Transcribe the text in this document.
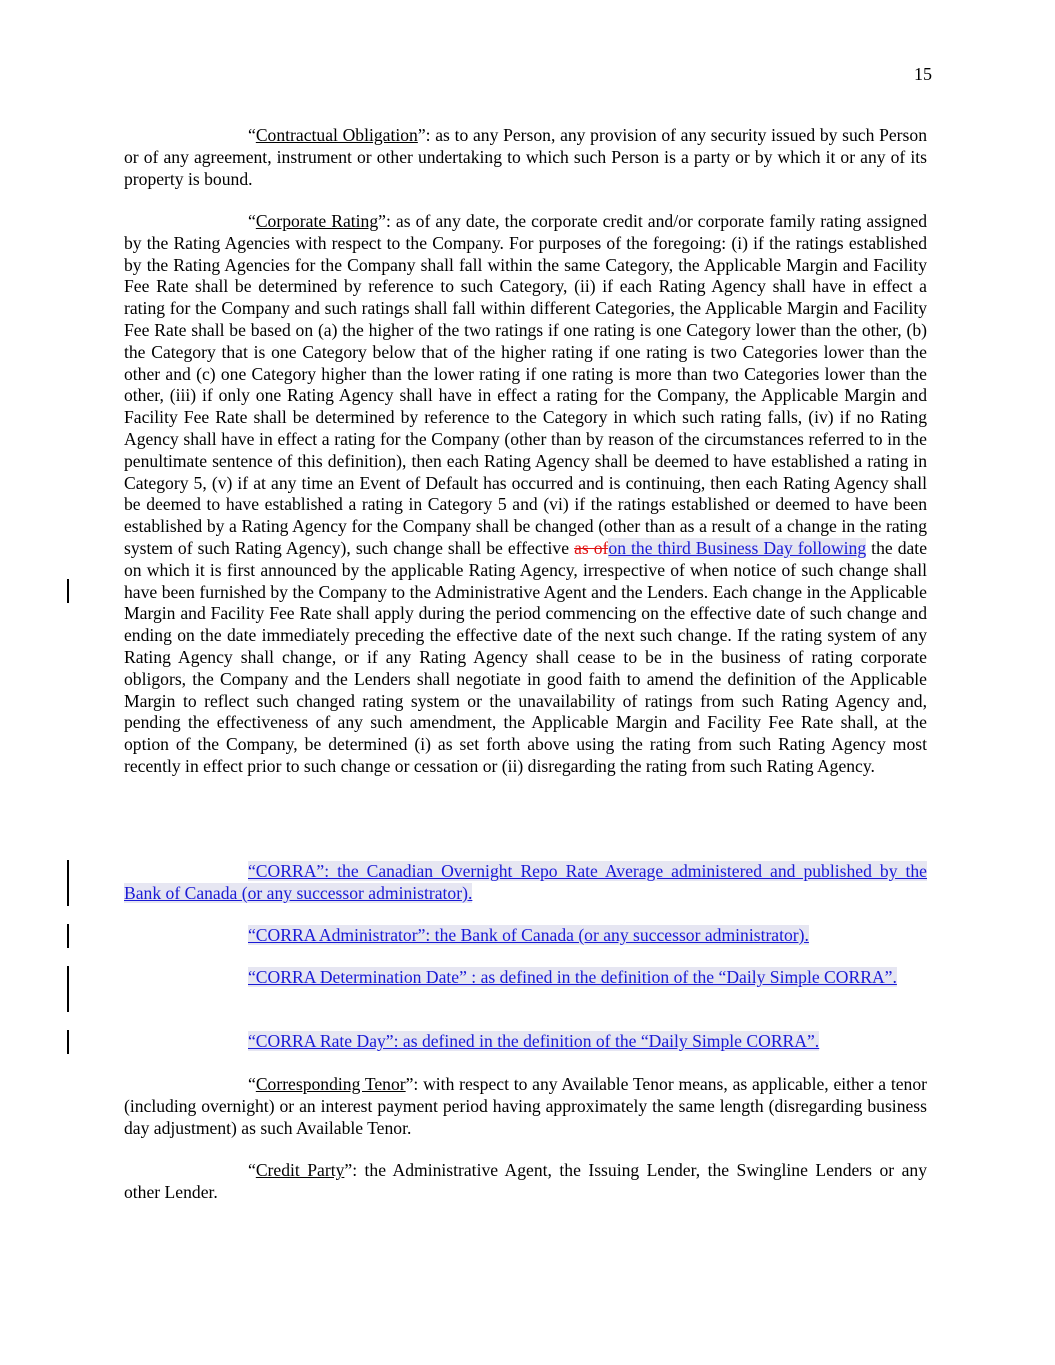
15

“Contractual Obligation”: as to any Person, any provision of any security issued by such Person or of any agreement, instrument or other undertaking to which such Person is a party or by which it or any of its property is bound.

“Corporate Rating”: as of any date, the corporate credit and/or corporate family rating assigned by the Rating Agencies with respect to the Company. For purposes of the foregoing: (i) if the ratings established by the Rating Agencies for the Company shall fall within the same Category, the Applicable Margin and Facility Fee Rate shall be determined by reference to such Category, (ii) if each Rating Agency shall have in effect a rating for the Company and such ratings shall fall within different Categories, the Applicable Margin and Facility Fee Rate shall be based on (a) the higher of the two ratings if one rating is one Category lower than the other, (b) the Category that is one Category below that of the higher rating if one rating is two Categories lower than the other and (c) one Category higher than the lower rating if one rating is more than two Categories lower than the other, (iii) if only one Rating Agency shall have in effect a rating for the Company, the Applicable Margin and Facility Fee Rate shall be determined by reference to the Category in which such rating falls, (iv) if no Rating Agency shall have in effect a rating for the Company (other than by reason of the circumstances referred to in the penultimate sentence of this definition), then each Rating Agency shall be deemed to have established a rating in Category 5, (v) if at any time an Event of Default has occurred and is continuing, then each Rating Agency shall be deemed to have established a rating in Category 5 and (vi) if the ratings established or deemed to have been established by a Rating Agency for the Company shall be changed (other than as a result of a change in the rating system of such Rating Agency), such change shall be effective as ofon the third Business Day following the date on which it is first announced by the applicable Rating Agency, irrespective of when notice of such change shall have been furnished by the Company to the Administrative Agent and the Lenders. Each change in the Applicable Margin and Facility Fee Rate shall apply during the period commencing on the effective date of such change and ending on the date immediately preceding the effective date of the next such change. If the rating system of any Rating Agency shall change, or if any Rating Agency shall cease to be in the business of rating corporate obligors, the Company and the Lenders shall negotiate in good faith to amend the definition of the Applicable Margin to reflect such changed rating system or the unavailability of ratings from such Rating Agency and, pending the effectiveness of any such amendment, the Applicable Margin and Facility Fee Rate shall, at the option of the Company, be determined (i) as set forth above using the rating from such Rating Agency most recently in effect prior to such change or cessation or (ii) disregarding the rating from such Rating Agency.

“CORRA”: the Canadian Overnight Repo Rate Average administered and published by the Bank of Canada (or any successor administrator).

“CORRA Administrator”: the Bank of Canada (or any successor administrator).

“CORRA Determination Date” : as defined in the definition of the “Daily Simple CORRA”.

“CORRA Rate Day”: as defined in the definition of the “Daily Simple CORRA”.

“Corresponding Tenor”: with respect to any Available Tenor means, as applicable, either a tenor (including overnight) or an interest payment period having approximately the same length (disregarding business day adjustment) as such Available Tenor.

“Credit Party”: the Administrative Agent, the Issuing Lender, the Swingline Lenders or any other Lender.
